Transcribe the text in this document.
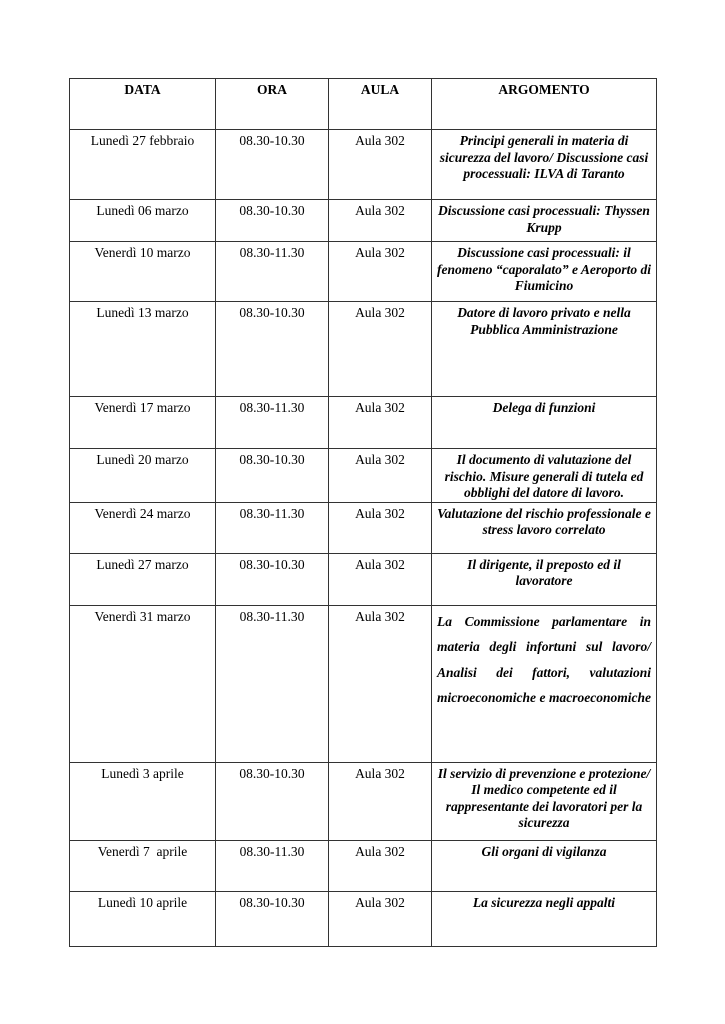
DATA	ORA	AULA	ARGOMENTO
Lunedì 27 febbraio	08.30-10.30	Aula 302	Principi generali in materia di sicurezza del lavoro/ Discussione casi processuali: ILVA di Taranto
Lunedì 06 marzo	08.30-10.30	Aula 302	Discussione casi processuali: Thyssen Krupp
Venerdì 10 marzo	08.30-11.30	Aula 302	Discussione casi processuali: il fenomeno “caporalato” e Aeroporto di Fiumicino
Lunedì 13 marzo	08.30-10.30	Aula 302	Datore di lavoro privato e nella Pubblica Amministrazione
Venerdì 17 marzo	08.30-11.30	Aula 302	Delega di funzioni
Lunedì 20 marzo	08.30-10.30	Aula 302	Il documento di valutazione del rischio. Misure generali di tutela ed obblighi del datore di lavoro.
Venerdì 24 marzo	08.30-11.30	Aula 302	Valutazione del rischio professionale e stress lavoro correlato
Lunedì 27 marzo	08.30-10.30	Aula 302	Il dirigente, il preposto ed il lavoratore
Venerdì 31 marzo	08.30-11.30	Aula 302	La Commissione parlamentare in materia degli infortuni sul lavoro/ Analisi dei fattori, valutazioni microeconomiche e macroeconomiche
Lunedì 3 aprile	08.30-10.30	Aula 302	Il servizio di prevenzione e protezione/ Il medico competente ed il rappresentante dei lavoratori per la sicurezza
Venerdì 7  aprile	08.30-11.30	Aula 302	Gli organi di vigilanza
Lunedì 10 aprile	08.30-10.30	Aula 302	La sicurezza negli appalti
